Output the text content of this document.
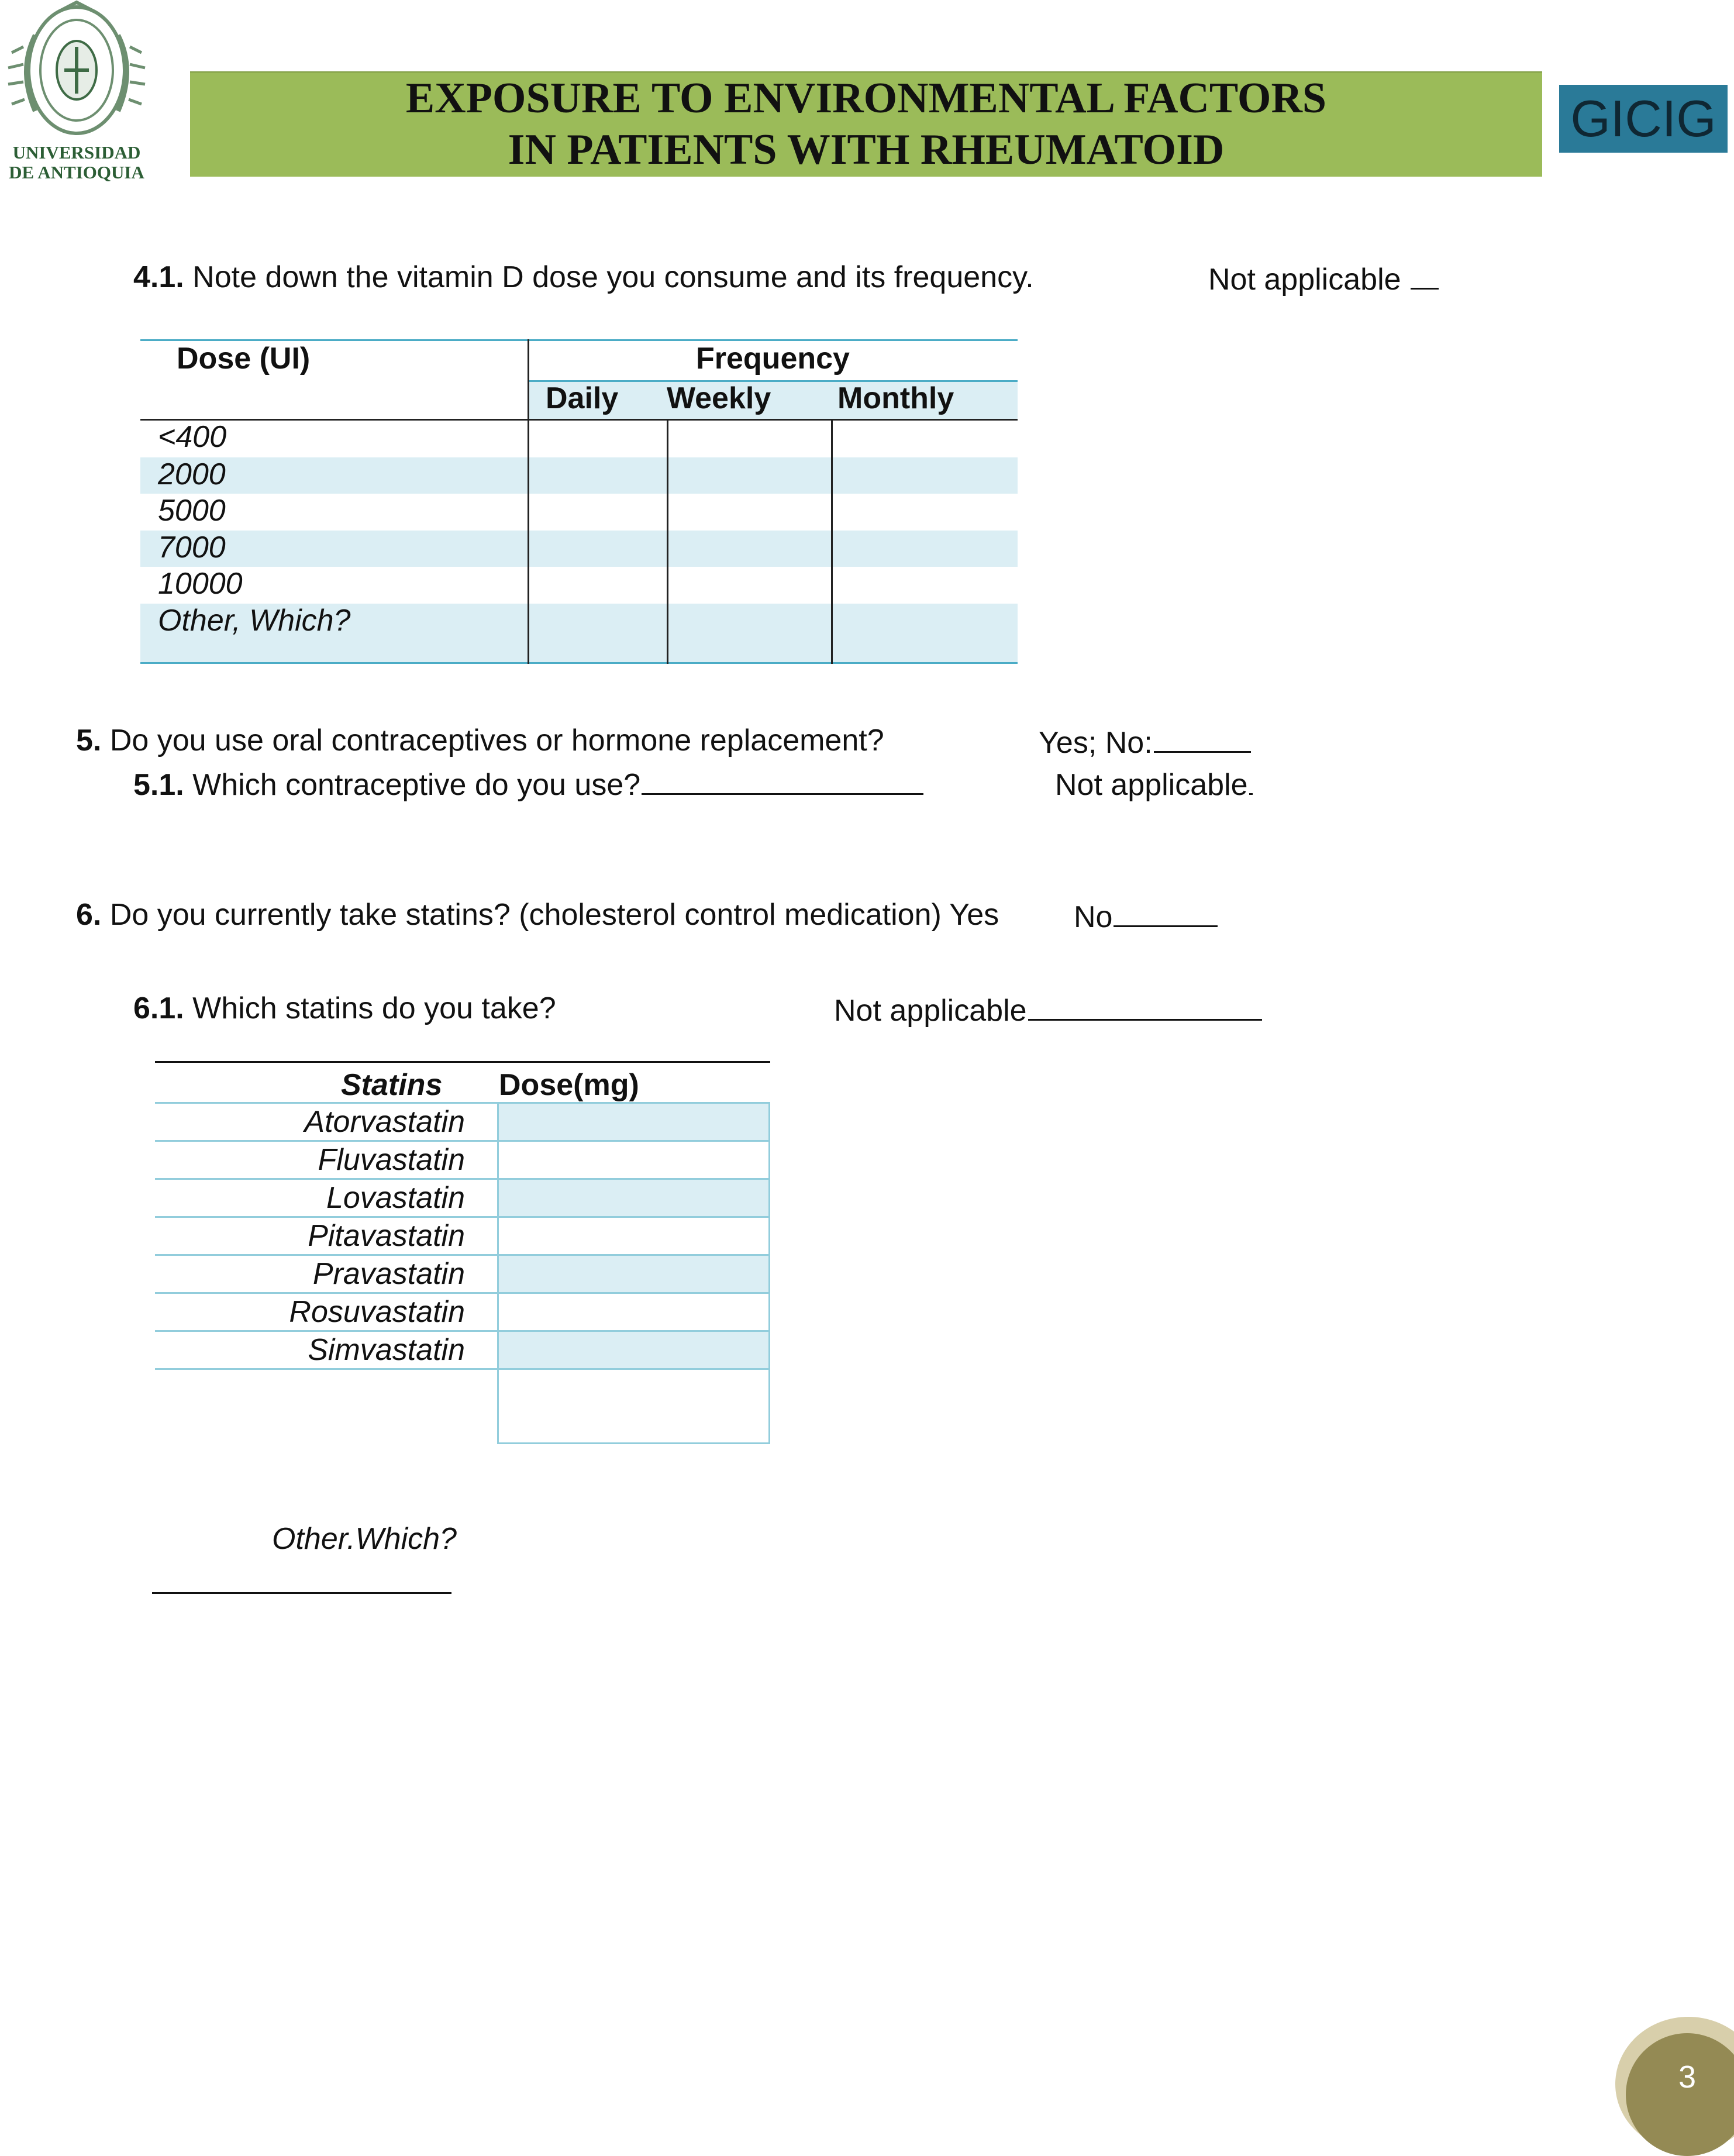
UNIVERSIDAD
DE ANTIOQUIA
EXPOSURE TO ENVIRONMENTAL FACTORS
IN PATIENTS WITH RHEUMATOID
GICIG
4.1. Note down the vitamin D dose you consume and its frequency.	Not applicable
Dose (UI)	Frequency
Daily Weekly Monthly
<400
2000
5000
7000
10000
Other, Which?
5. Do you use oral contraceptives or hormone replacement?	Yes; No:
5.1. Which contraceptive do you use?	Not applicable
6. Do you currently take statins? (cholesterol control medication) Yes No
6.1. Which statins do you take?	Not applicable
Statins Dose(mg)
Atorvastatin
Fluvastatin
Lovastatin
Pitavastatin
Pravastatin
Rosuvastatin
Simvastatin
Other.Which?
3
